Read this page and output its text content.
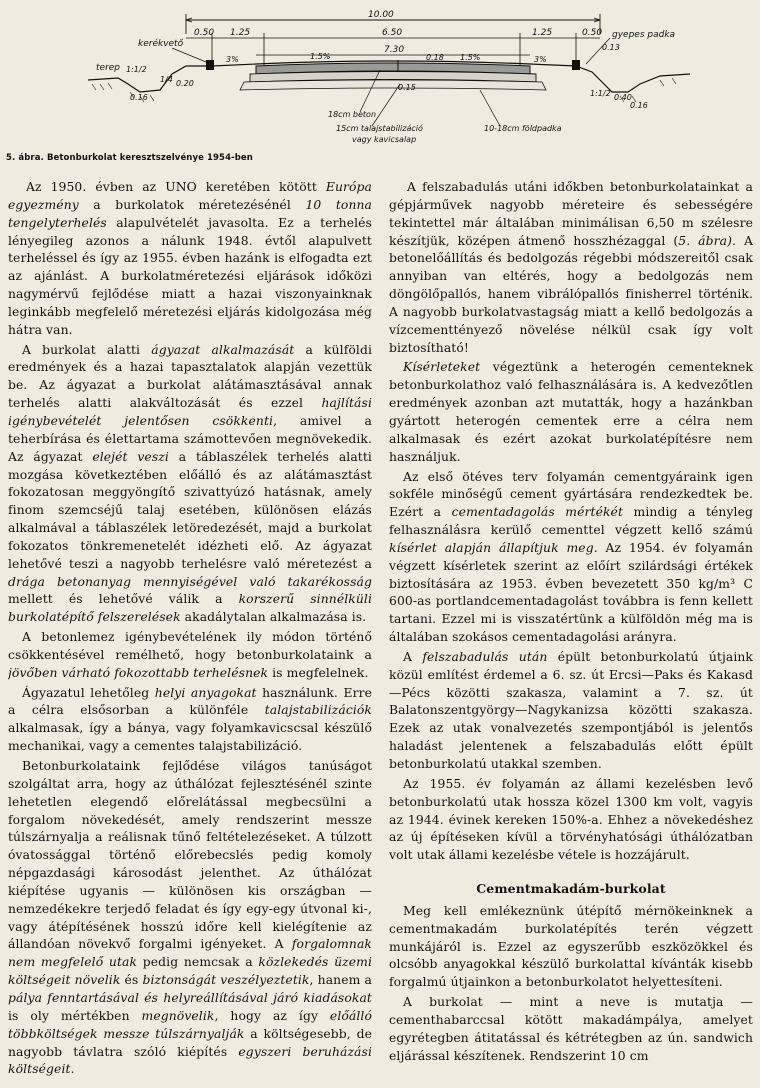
10.00
0.50 1.25	6.50	1.25	0.50
7.30
kerékvető
terep
gyepes padka
1/4
1:1/2
0.20
3%	1.5%	0.18 1.5%	3%
0.13
0.15
0.16	0.40
0.16
1:1/2
18cm beton
15cm talajstabilizáció
vagy kavicsalap
10-18cm földpadka
5. ábra. Betonburkolat keresztszelvénye 1954-ben

Az 1950. évben az UNO keretében kötött Európa egyezmény a burkolatok méretezésénél 10 tonna tengelyterhelés alapulvételét javasolta. Ez a terhelés lényegileg azonos a nálunk 1948. évtől alapulvett terheléssel és így az 1955. évben hazánk is elfogadta ezt az ajánlást. A burkolatméretezési eljárások időközi nagymérvű fejlődése miatt a hazai viszonyainknak leginkább megfelelő méretezési eljárás kidolgozása még hátra van.

A burkolat alatti ágyazat alkalmazását a külföldi eredmények és a hazai tapasztalatok alapján vezettük be. Az ágyazat a burkolat alátámasztásával annak terhelés alatti alakváltozását és ezzel hajlítási igénybevételét jelentősen csökkenti, amivel a teherbírása és élettartama számottevően megnövekedik. Az ágyazat elejét veszi a táblaszélek terhelés alatti mozgása következtében előálló és az alátámasztást fokozatosan meggyöngítő szivattyúzó hatásnak, amely finom szemcséjű talaj esetében, különösen elázás alkalmával a táblaszélek letöredezését, majd a burkolat fokozatos tönkremenetelét idézheti elő. Az ágyazat lehetővé teszi a nagyobb terhelésre való méretezést a drága betonanyag mennyiségével való takarékosság mellett és lehetővé válik a korszerű sinnélküli burkolatépítő felszerelések akadálytalan alkalmazása is.

A betonlemez igénybevételének ily módon történő csökkentésével remélhető, hogy betonburkolataink a jövőben várható fokozottabb terhelésnek is megfelelnek.

Ágyazatul lehetőleg helyi anyagokat használunk. Erre a célra elsősorban a különféle talajstabilizációk alkalmasak, így a bánya, vagy folyamkavicscsal készülő mechanikai, vagy a cementes talajstabilizáció.

Betonburkolataink fejlődése világos tanúságot szolgáltat arra, hogy az úthálózat fejlesztésénél szinte lehetetlen elegendő előrelátással megbecsülni a forgalom növekedését, amely rendszerint messze túlszárnyalja a reálisnak tűnő feltételezéseket. A túlzott óvatossággal történő előrebecslés pedig komoly népgazdasági károsodást jelenthet. Az úthálózat kiépítése ugyanis — különösen kis országban — nemzedékekre terjedő feladat és így egy-egy útvonal ki-, vagy átépítésének hosszú időre kell kielégítenie az állandóan növekvő forgalmi igényeket. A forgalomnak nem megfelelő utak pedig nemcsak a közlekedés üzemi költségeit növelik és biztonságát veszélyeztetik, hanem a pálya fenntartásával és helyreállításával járó kiadásokat is oly mértékben megnövelik, hogy az így előálló többköltségek messze túlszárnyalják a költségesebb, de nagyobb távlatra szóló kiépítés egyszeri beruházási költségeit.

A felszabadulás utáni időkben betonburkolatainkat a gépjárművek nagyobb méreteire és sebességére tekintettel már általában minimálisan 6,50 m szélesre készítjük, középen átmenő hosszhézaggal (5. ábra). A betonelőállítás és bedolgozás régebbi módszereitől csak annyiban van eltérés, hogy a bedolgozás nem döngölőpallós, hanem vibrálópallós finisherrel történik. A nagyobb burkolatvastagság miatt a kellő bedolgozás a vízcementtényező növelése nélkül csak így volt biztosítható!

Kísérleteket végeztünk a heterogén cementeknek betonburkolathoz való felhasználására is. A kedvezőtlen eredmények azonban azt mutatták, hogy a hazánkban gyártott heterogén cementek erre a célra nem alkalmasak és ezért azokat burkolatépítésre nem használjuk.

Az első ötéves terv folyamán cementgyáraink igen sokféle minőségű cement gyártására rendezkedtek be. Ezért a cementadagolás mértékét mindig a tényleg felhasználásra kerülő cementtel végzett kellő számú kísérlet alapján állapítjuk meg. Az 1954. év folyamán végzett kísérletek szerint az előírt szilárdsági értékek biztosítására az 1953. évben bevezetett 350 kg/m³ C 600-as portlandcementadagolást továbbra is fenn kellett tartani. Ezzel mi is visszatértünk a külföldön még ma is általában szokásos cementadagolási arányra.

A felszabadulás után épült betonburkolatú útjaink közül említést érdemel a 6. sz. út Ercsi—Paks és Kakasd—Pécs közötti szakasza, valamint a 7. sz. út Balatonszentgyörgy—Nagykanizsa közötti szakasza. Ezek az utak vonalvezetés szempontjából is jelentős haladást jelentenek a felszabadulás előtt épült betonburkolatú utakkal szemben.

Az 1955. év folyamán az állami kezelésben levő betonburkolatú utak hossza közel 1300 km volt, vagyis az 1944. évinek kereken 150%-a. Ehhez a növekedéshez az új építéseken kívül a törvényhatósági úthálózatban volt utak állami kezelésbe vétele is hozzájárult.

Cementmakadám-burkolat

Meg kell emlékeznünk útépítő mérnökeinknek a cementmakadám burkolatépítés terén végzett munkájáról is. Ezzel az egyszerűbb eszközökkel és olcsóbb anyagokkal készülő burkolattal kívánták kisebb forgalmú útjainkon a betonburkolatot helyettesíteni.

A burkolat — mint a neve is mutatja — cementhabarccsal kötött makadámpálya, amelyet egyrétegben átitatással és kétrétegben az ún. sandwich eljárással készítenek. Rendszerint 10 cm
